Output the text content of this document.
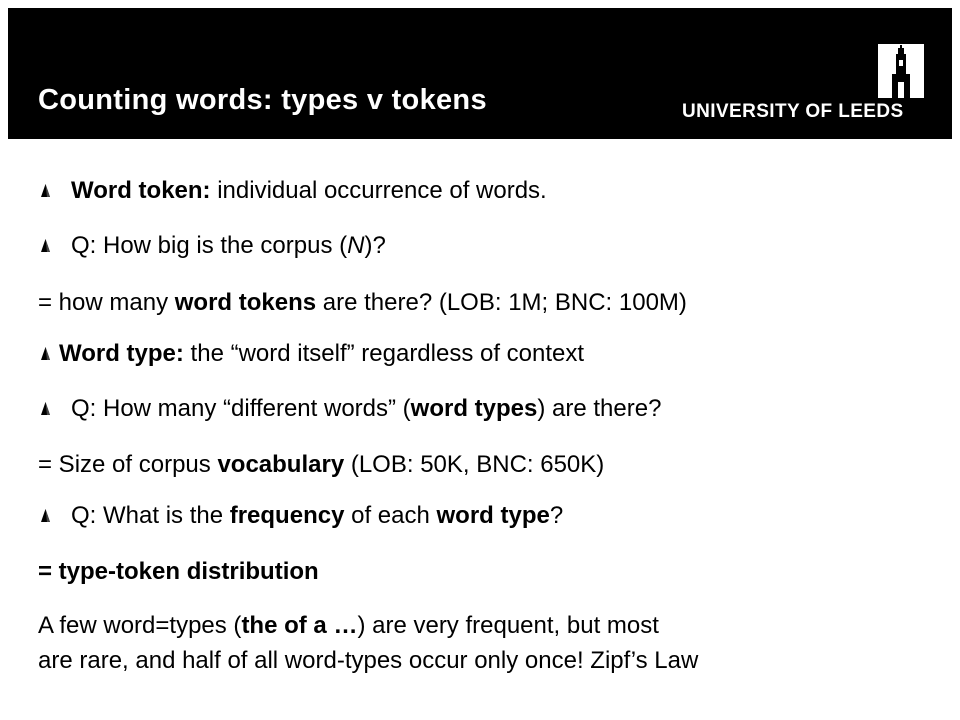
Counting words: types v tokens	UNIVERSITY OF LEEDS
Word token: individual occurrence of words.
Q: How big is the corpus (N)?
= how many word tokens are there? (LOB: 1M; BNC: 100M)
Word type: the “word itself” regardless of context
Q: How many “different words” (word types) are there?
= Size of corpus vocabulary (LOB: 50K, BNC: 650K)
Q: What is the frequency of each word type?
= type-token distribution
A few word=types (the of a …) are very frequent, but most
are rare, and half of all word-types occur only once! Zipf’s Law
